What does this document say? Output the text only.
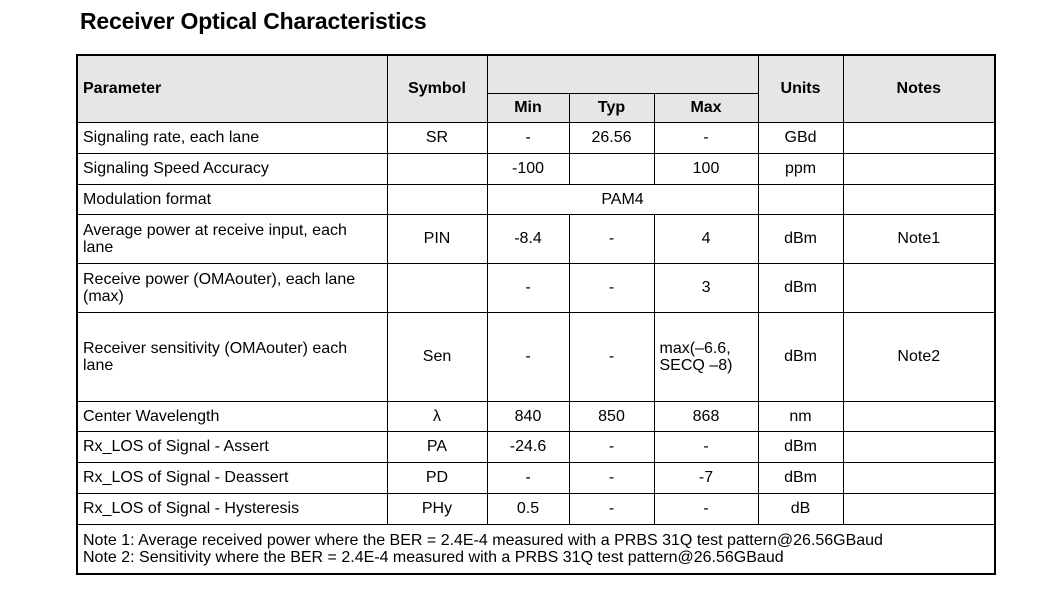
Receiver Optical Characteristics
Parameter	Symbol				Units	Notes
		Min	Typ	Max		
Signaling rate, each lane	SR	-	26.56	-	GBd	
Signaling Speed Accuracy		-100		100	ppm	
Modulation format		PAM4				
Average power at receive input, each lane	PIN	-8.4	-	4	dBm	Note1
Receive power (OMAouter), each lane (max)		-	-	3	dBm	
Receiver sensitivity (OMAouter) each lane	Sen	-	-	max(–6.6, SECQ –8)	dBm	Note2
Center Wavelength	λ	840	850	868	nm	
Rx_LOS of Signal - Assert	PA	-24.6	-	-	dBm	
Rx_LOS of Signal - Deassert	PD	-	-	-7	dBm	
Rx_LOS of Signal - Hysteresis	PHy	0.5	-	-	dB	

Note 1: Average received power where the BER = 2.4E-4 measured with a PRBS 31Q test pattern@26.56GBaud
Note 2: Sensitivity where the BER = 2.4E-4 measured with a PRBS 31Q test pattern@26.56GBaud						
